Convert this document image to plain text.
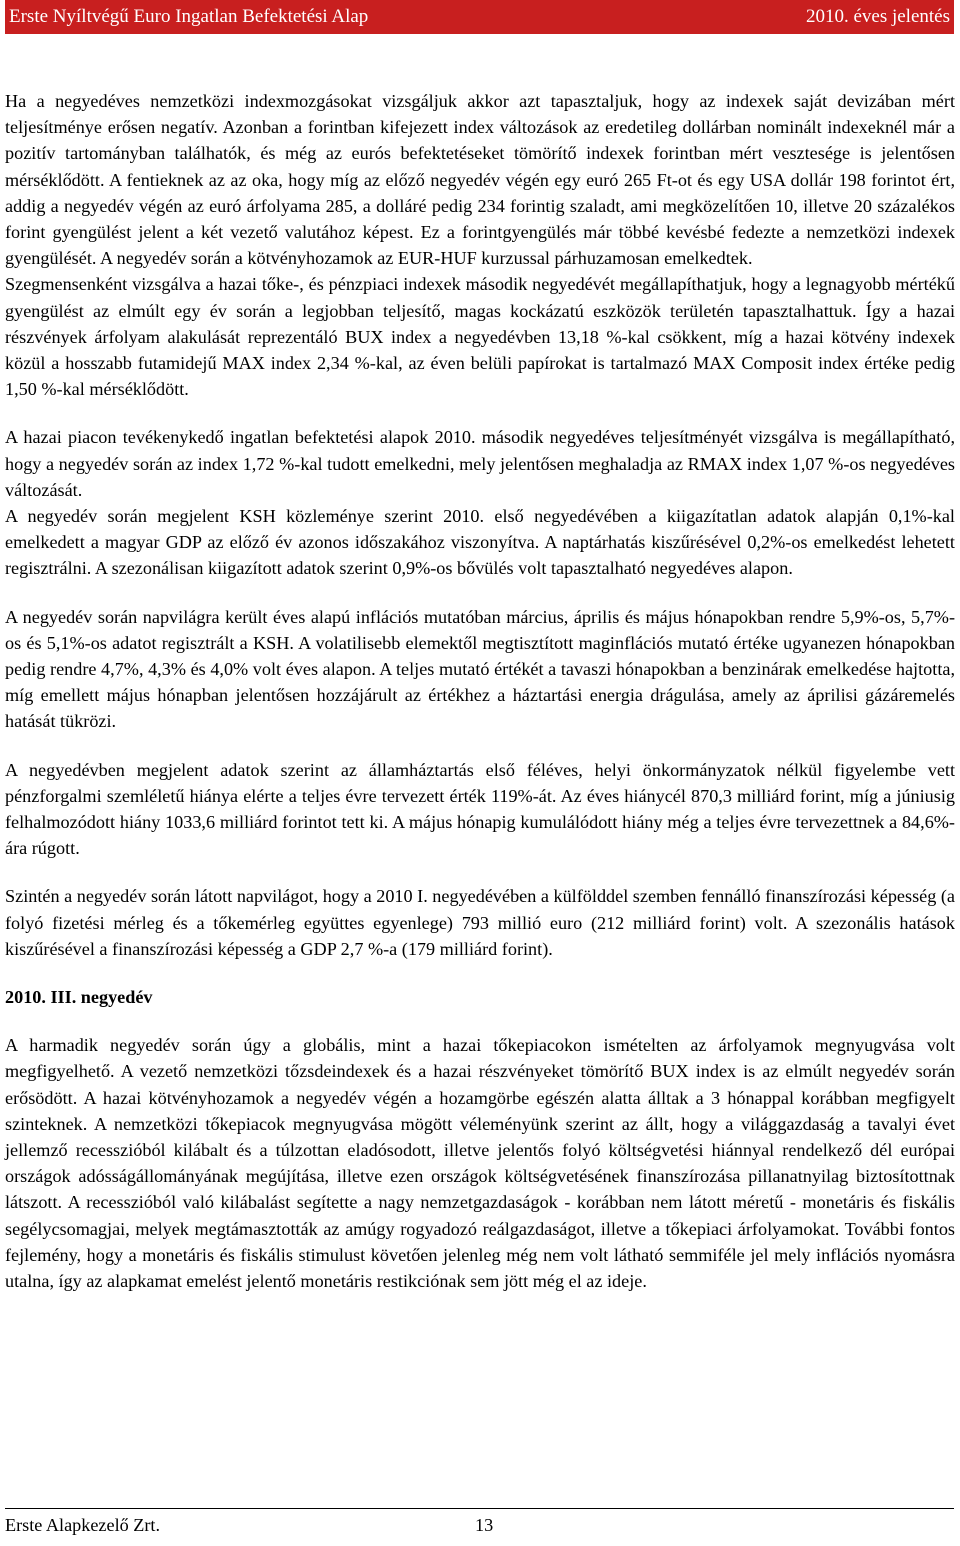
Erste Nyíltvégű Euro Ingatlan Befektetési Alap	2010. éves jelentés

Ha a negyedéves nemzetközi indexmozgásokat vizsgáljuk akkor azt tapasztaljuk, hogy az indexek saját devizában mért teljesítménye erősen negatív. Azonban a forintban kifejezett index változások az eredetileg dollárban nominált indexeknél már a pozitív tartományban találhatók, és még az eurós befektetéseket tömörítő indexek forintban mért vesztesége is jelentősen mérséklődött. A fentieknek az az oka, hogy míg az előző negyedév végén egy euró 265 Ft-ot és egy USA dollár 198 forintot ért, addig a negyedév végén az euró árfolyama 285, a dolláré pedig 234 forintig szaladt, ami megközelítően 10, illetve 20 százalékos forint gyengülést jelent a két vezető valutához képest. Ez a forintgyengülés már többé kevésbé fedezte a nemzetközi indexek gyengülését. A negyedév során a kötvényhozamok az EUR-HUF kurzussal párhuzamosan emelkedtek.

Szegmensenként vizsgálva a hazai tőke-, és pénzpiaci indexek második negyedévét megállapíthatjuk, hogy a legnagyobb mértékű gyengülést az elmúlt egy év során a legjobban teljesítő, magas kockázatú eszközök területén tapasztalhattuk. Így a hazai részvények árfolyam alakulását reprezentáló BUX index a negyedévben 13,18 %-kal csökkent, míg a hazai kötvény indexek közül a hosszabb futamidejű MAX index 2,34 %-kal, az éven belüli papírokat is tartalmazó MAX Composit index értéke pedig 1,50 %-kal mérséklődött.

A hazai piacon tevékenykedő ingatlan befektetési alapok 2010. második negyedéves teljesítményét vizsgálva is megállapítható, hogy a negyedév során az index 1,72 %-kal tudott emelkedni, mely jelentősen meghaladja az RMAX index 1,07 %-os negyedéves változását.

A negyedév során megjelent KSH közleménye szerint 2010. első negyedévében a kiigazítatlan adatok alapján 0,1%-kal emelkedett a magyar GDP az előző év azonos időszakához viszonyítva. A naptárhatás kiszűrésével 0,2%-os emelkedést lehetett regisztrálni. A szezonálisan kiigazított adatok szerint 0,9%-os bővülés volt tapasztalható negyedéves alapon.

A negyedév során napvilágra került éves alapú inflációs mutatóban március, április és május hónapokban rendre 5,9%-os, 5,7%-os és 5,1%-os adatot regisztrált a KSH. A volatilisebb elemektől megtisztított maginflációs mutató értéke ugyanezen hónapokban pedig rendre 4,7%, 4,3% és 4,0% volt éves alapon. A teljes mutató értékét a tavaszi hónapokban a benzinárak emelkedése hajtotta, míg emellett május hónapban jelentősen hozzájárult az értékhez a háztartási energia drágulása, amely az áprilisi gázáremelés hatását tükrözi.

A negyedévben megjelent adatok szerint az államháztartás első féléves, helyi önkormányzatok nélkül figyelembe vett pénzforgalmi szemléletű hiánya elérte a teljes évre tervezett érték 119%-át. Az éves hiánycél 870,3 milliárd forint, míg a júniusig felhalmozódott hiány 1033,6 milliárd forintot tett ki. A május hónapig kumulálódott hiány még a teljes évre tervezettnek a 84,6%-ára rúgott.

Szintén a negyedév során látott napvilágot, hogy a 2010 I. negyedévében a külfölddel szemben fennálló finanszírozási képesség (a folyó fizetési mérleg és a tőkemérleg együttes egyenlege) 793 millió euro (212 milliárd forint) volt. A szezonális hatások kiszűrésével a finanszírozási képesség a GDP 2,7 %-a (179 milliárd forint).

2010. III. negyedév

A harmadik negyedév során úgy a globális, mint a hazai tőkepiacokon ismételten az árfolyamok megnyugvása volt megfigyelhető. A vezető nemzetközi tőzsdeindexek és a hazai részvényeket tömörítő BUX index is az elmúlt negyedév során erősödött. A hazai kötvényhozamok a negyedév végén a hozamgörbe egészén alatta álltak a 3 hónappal korábban megfigyelt szinteknek. A nemzetközi tőkepiacok megnyugvása mögött véleményünk szerint az állt, hogy a világgazdaság a tavalyi évet jellemző recesszióból kilábalt és a túlzottan eladósodott, illetve jelentős folyó költségvetési hiánnyal rendelkező dél európai országok adósságállományának megújítása, illetve ezen országok költségvetésének finanszírozása pillanatnyilag biztosítottnak látszott. A recesszióból való kilábalást segítette a nagy nemzetgazdaságok - korábban nem látott méretű - monetáris és fiskális segélycsomagjai, melyek megtámasztották az amúgy rogyadozó reálgazdaságot, illetve a tőkepiaci árfolyamokat. További fontos fejlemény, hogy a monetáris és fiskális stimulust követően jelenleg még nem volt látható semmiféle jel mely inflációs nyomásra utalna, így az alapkamat emelést jelentő monetáris restikciónak sem jött még el az ideje.

Erste Alapkezelő Zrt.	13
